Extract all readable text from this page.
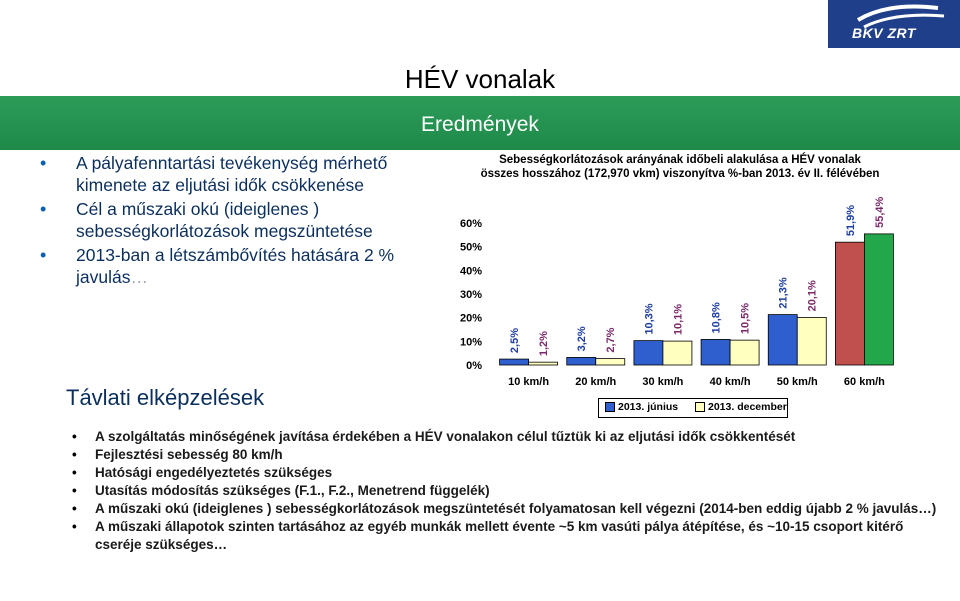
BKV ZRT
HÉV vonalak
Eredmények
• A pályafenntartási tevékenység mérhető kimenete az eljutási idők csökkenése
• Cél a műszaki okú (ideiglenes ) sebességkorlátozások megszüntetése
• 2013-ban a létszámbővítés hatására 2 % javulás…
Távlati elképzelések
Sebességkorlátozások arányának időbeli alakulása a HÉV vonalak összes hosszához (172,970 vkm) viszonyítva %-ban 2013. év II. félévében
0%
10%
20%
30%
40%
50%
60%
10 km/h
2,5% 1,2%
20 km/h
3,2% 2,7%
30 km/h
10,3% 10,1%
40 km/h
10,8% 10,5%
50 km/h
21,3% 20,1%
60 km/h
51,9% 55,4%
2013. június	2013. december
• A szolgáltatás minőségének javítása érdekében a HÉV vonalakon célul tűztük ki az eljutási idők csökkentését
• Fejlesztési sebesség 80 km/h
• Hatósági engedélyeztetés szükséges
• Utasítás módosítás szükséges (F.1., F.2., Menetrend függelék)
• A műszaki okú (ideiglenes ) sebességkorlátozások megszüntetését folyamatosan kell végezni (2014-ben eddig újabb 2 % javulás…)
• A műszaki állapotok szinten tartásához az egyéb munkák mellett évente ~5 km vasúti pálya átépítése, és ~10-15 csoport kitérő cseréje szükséges…
